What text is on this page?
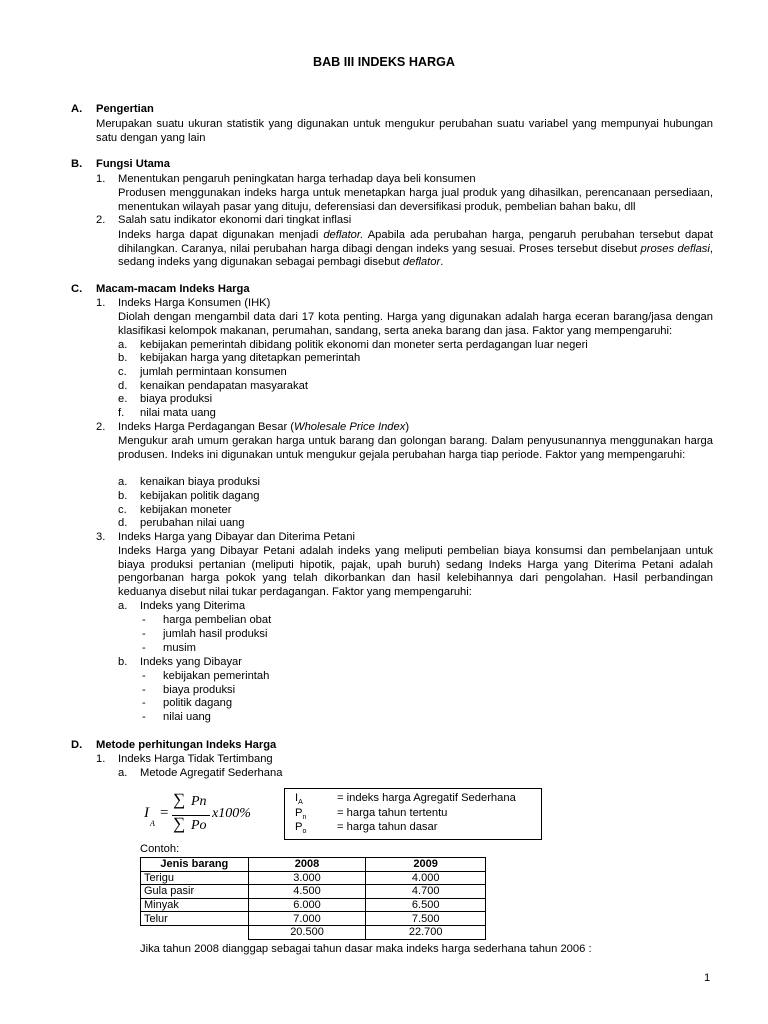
BAB III INDEKS HARGA
A. Pengertian
Merupakan suatu ukuran statistik yang digunakan untuk mengukur perubahan suatu variabel yang mempunyai hubungan satu dengan yang lain
B. Fungsi Utama
1. Menentukan pengaruh peningkatan harga terhadap daya beli konsumen
Produsen menggunakan indeks harga untuk menetapkan harga jual produk yang dihasilkan, perencanaan persediaan, menentukan wilayah pasar yang dituju, deferensiasi dan deversifikasi produk, pembelian bahan baku, dll
2. Salah satu indikator ekonomi dari tingkat inflasi
Indeks harga dapat digunakan menjadi deflator. Apabila ada perubahan harga, pengaruh perubahan tersebut dapat dihilangkan. Caranya, nilai perubahan harga dibagi dengan indeks yang sesuai. Proses tersebut disebut proses deflasi, sedang indeks yang digunakan sebagai pembagi disebut deflator.
C. Macam-macam Indeks Harga
1. Indeks Harga Konsumen (IHK)
Diolah dengan mengambil data dari 17 kota penting. Harga yang digunakan adalah harga eceran barang/jasa dengan klasifikasi kelompok makanan, perumahan, sandang, serta aneka barang dan jasa. Faktor yang mempengaruhi:
a. kebijakan pemerintah dibidang politik ekonomi dan moneter serta perdagangan luar negeri
b. kebijakan harga yang ditetapkan pemerintah
c. jumlah permintaan konsumen
d. kenaikan pendapatan masyarakat
e. biaya produksi
f. nilai mata uang
2. Indeks Harga Perdagangan Besar (Wholesale Price Index)
Mengukur arah umum gerakan harga untuk barang dan golongan barang. Dalam penyusunannya menggunakan harga produsen. Indeks ini digunakan untuk mengukur gejala perubahan harga tiap periode. Faktor yang mempengaruhi:
a. kenaikan biaya produksi
b. kebijakan politik dagang
c. kebijakan moneter
d. perubahan nilai uang
3. Indeks Harga yang Dibayar dan Diterima Petani
Indeks Harga yang Dibayar Petani adalah indeks yang meliputi pembelian biaya konsumsi dan pembelanjaan untuk biaya produksi pertanian (meliputi hipotik, pajak, upah buruh) sedang Indeks Harga yang Diterima Petani adalah pengorbanan harga pokok yang telah dikorbankan dan hasil kelebihannya dari pengolahan. Hasil perbandingan keduanya disebut nilai tukar perdagangan. Faktor yang mempengaruhi:
a. Indeks yang Diterima
- harga pembelian obat
- jumlah hasil produksi
- musim
b. Indeks yang Dibayar
- kebijakan pemerintah
- biaya produksi
- politik dagang
- nilai uang
D. Metode perhitungan Indeks Harga
1. Indeks Harga Tidak Tertimbang
a. Metode Agregatif Sederhana
I
A
=
∑ Pn
∑ Po
x100%
$I_A$	= indeks harga Agregatif Sederhana
$P_n$	= harga tahun tertentu
$P_o$	= harga tahun dasar
Contoh:
Jenis barang	2008	2009
Terigu	3.000	4.000
Gula pasir	4.500	4.700
Minyak	6.000	6.500
Telur	7.000	7.500
	20.500	22.700
Jika tahun 2008 dianggap sebagai tahun dasar maka indeks harga sederhana tahun 2006 :
1
